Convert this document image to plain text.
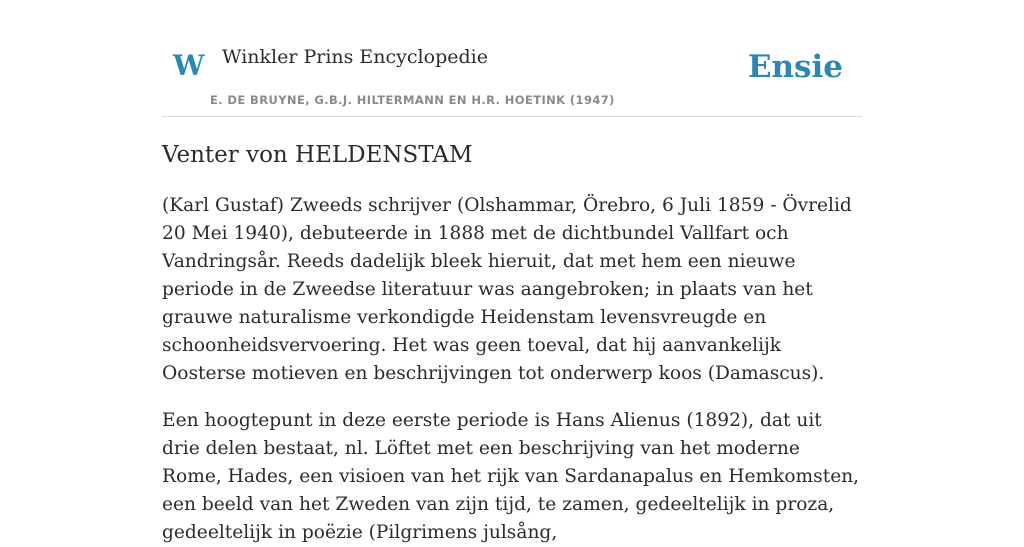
W Winkler Prins Encyclopedie
E. DE BRUYNE, G.B.J. HILTERMANN EN H.R. HOETINK (1947)
Ensie
Venter von HELDENSTAM

(Karl Gustaf) Zweeds schrijver (Olshammar, Örebro, 6 Juli 1859 - Övrelid 20 Mei 1940), debuteerde in 1888 met de dichtbundel Vallfart och Vandringsår. Reeds dadelijk bleek hieruit, dat met hem een nieuwe periode in de Zweedse literatuur was aangebroken; in plaats van het grauwe naturalisme verkondigde Heidenstam levensvreugde en schoonheidsvervoering. Het was geen toeval, dat hij aanvankelijk Oosterse motieven en beschrijvingen tot onderwerp koos (Damascus).

Een hoogtepunt in deze eerste periode is Hans Alienus (1892), dat uit drie delen bestaat, nl. Löftet met een beschrijving van het moderne Rome, Hades, een visioen van het rijk van Sardanapalus en Hemkomsten, een beeld van het Zweden van zijn tijd, te zamen, gedeeltelijk in proza, gedeeltelijk in poëzie (Pilgrimens julsång,
